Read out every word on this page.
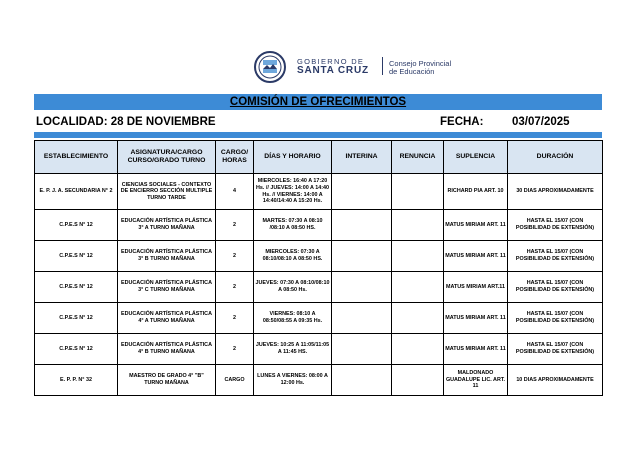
GOBIERNO DE
SANTA CRUZ
Consejo Provincial
de Educación
COMISIÓN DE OFRECIMIENTOS
LOCALIDAD: 28 DE NOVIEMBRE	FECHA: 03/07/2025
ESTABLECIMIENTO	ASIGNATURA/CARGO CURSO/GRADO TURNO	CARGO/ HORAS	DÍAS Y HORARIO	INTERINA	RENUNCIA	SUPLENCIA	DURACIÓN
E. P. J. A. SECUNDARIA N° 2	CIENCIAS SOCIALES - CONTEXTO DE ENCIERRO SECCIÓN MULTIPLE TURNO TARDE	4	MIERCOLES: 16:40 A 17:20 Hs. // JUEVES: 14:00 A 14:40 Hs. // VIERNES: 14:00 A 14:40/14:40 A 15:20 Hs.			RICHARD PIA ART. 10	30 DIAS APROXIMADAMENTE
C.P.E.S N° 12	EDUCACIÓN ARTÍSTICA PLÁSTICA 3° A TURNO MAÑANA	2	MARTES: 07:30 A 08:10 /08:10 A 08:50 HS.			MATUS MIRIAM ART. 11	HASTA EL 15/07 (CON POSIBILIDAD DE EXTENSIÓN)
C.P.E.S N° 12	EDUCACIÓN ARTÍSTICA PLÁSTICA 3° B TURNO MAÑANA	2	MIERCOLES: 07:30 A 08:10/08:10 A 08:50 HS.			MATUS MIRIAM ART. 11	HASTA EL 15/07 (CON POSIBILIDAD DE EXTENSIÓN)
C.P.E.S N° 12	EDUCACIÓN ARTÍSTICA PLÁSTICA 3° C TURNO MAÑANA	2	JUEVES: 07:30 A 08:10/08:10 A 08:50 Hs.			MATUS MIRIAM ART.11	HASTA EL 15/07 (CON POSIBILIDAD DE EXTENSIÓN)
C.P.E.S N° 12	EDUCACIÓN ARTÍSTICA PLÁSTICA 4° A TURNO MAÑANA	2	VIERNES: 08:10 A 08:50/08:55 A 09:35 Hs.			MATUS MIRIAM ART. 11	HASTA EL 15/07 (CON POSIBILIDAD DE EXTENSIÓN)
C.P.E.S N° 12	EDUCACIÓN ARTÍSTICA PLÁSTICA 4° B TURNO MAÑANA	2	JUEVES: 10:25 A 11:05/11:05 A 11:45 HS.			MATUS MIRIAM ART. 11	HASTA EL 15/07 (CON POSIBILIDAD DE EXTENSIÓN)
E. P. P. N° 32	MAESTRO DE GRADO 4° "B" TURNO MAÑANA	CARGO	LUNES A VIERNES: 08:00 A 12:00 Hs.			MALDONADO GUADALUPE LIC. ART. 11	10 DIAS APROXIMADAMENTE
